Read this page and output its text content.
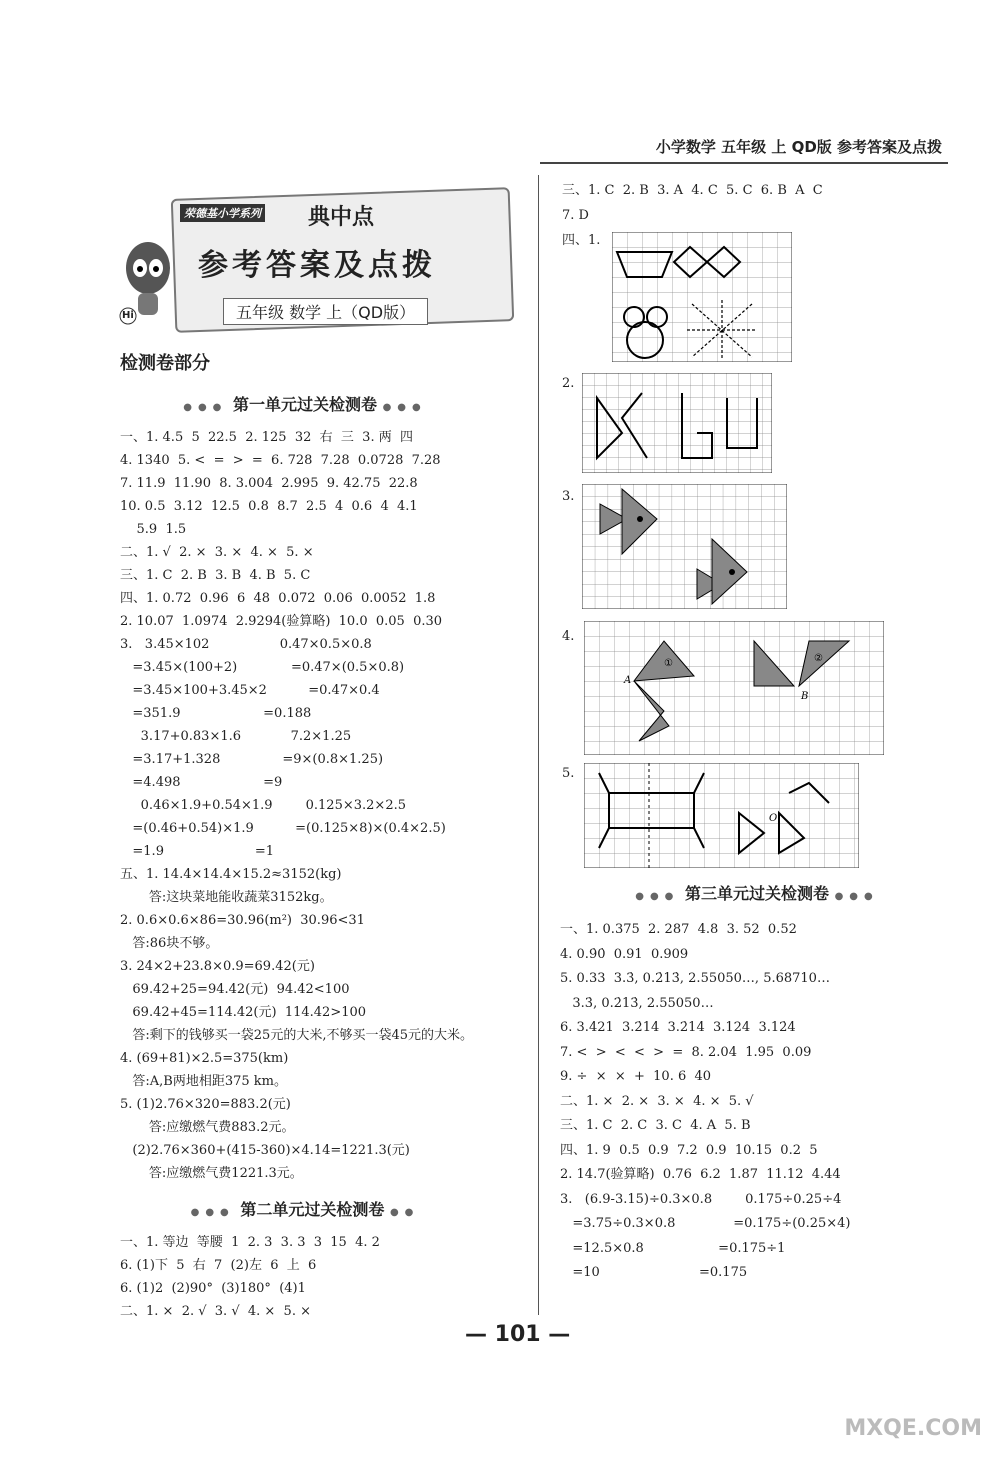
小学数学 五年级 上 QD版 参考答案及点拨
Hi
荣德基小学系列 典中点
参考答案及点拨
五年级 数学 上（QD版）
检测卷部分
●●● 第一单元过关检测卷 ●●●
一、1. 4.5  5  22.5  2. 125  32  右  三  3. 两  四
4. 1340  5. <  =  >  =  6. 728  7.28  0.0728  7.28
7. 11.9  11.90  8. 3.004  2.995  9. 42.75  22.8
10. 0.5  3.12  12.5  0.8  8.7  2.5  4  0.6  4  4.1
5.9  1.5
二、1. √  2. ×  3. ×  4. ×  5. ×
三、1. C  2. B  3. B  4. B  5. C
四、1. 0.72  0.96  6  48  0.072  0.06  0.0052  1.8
2. 10.07  1.0974  2.9294(验算略)  10.0  0.05  0.30
3.   3.45×102                 0.47×0.5×0.8
=3.45×(100+2)             =0.47×(0.5×0.8)
=3.45×100+3.45×2          =0.47×0.4
=351.9                    =0.188
3.17+0.83×1.6            7.2×1.25
=3.17+1.328               =9×(0.8×1.25)
=4.498                    =9
0.46×1.9+0.54×1.9        0.125×3.2×2.5
=(0.46+0.54)×1.9          =(0.125×8)×(0.4×2.5)
=1.9                      =1
五、1. 14.4×14.4×15.2≈3152(kg)
答:这块菜地能收蔬菜3152kg。
2. 0.6×0.6×86=30.96(m²)  30.96<31
答:86块不够。
3. 24×2+23.8×0.9=69.42(元)
69.42+25=94.42(元)  94.42<100
69.42+45=114.42(元)  114.42>100
答:剩下的钱够买一袋25元的大米,不够买一袋45元的大米。
4. (69+81)×2.5=375(km)
答:A,B两地相距375 km。
5. (1)2.76×320=883.2(元)
答:应缴燃气费883.2元。
(2)2.76×360+(415-360)×4.14=1221.3(元)
答:应缴燃气费1221.3元。
●●● 第二单元过关检测卷 ●●
一、1. 等边  等腰  1  2. 3  3. 3  3  15  4. 2
6. (1)下  5  右  7  (2)左  6  上  6
6. (1)2  (2)90°  (3)180°  (4)1
二、1. ×  2. √  3. √  4. ×  5. ×
三、1. C  2. B  3. A  4. C  5. C  6. B  A  C
7. D
四、1.
2.
3.
4.
A
B
①	②
5.
O
●●● 第三单元过关检测卷 ●●●
一、1. 0.375  2. 287  4.8  3. 52  0.52
4. 0.9̇0̇  0.91  0.909
5. 0.33  3.3̇, 0.2̇13̇, 2.55050…, 5.68710…
3.3̇, 0.2̇13̇, 2.55050…
6. 3.421  3.2̇14̇  3.2̇14̇  3.124  3.12̇4̇
7. <  >  <  <  >  =  8. 2.04  1.95  0.09
9. ÷  ×  ×  +  10. 6  40
二、1. ×  2. ×  3. ×  4. ×  5. √
三、1. C  2. C  3. C  4. A  5. B
四、1. 9  0.5  0.9  7.2  0.9  10.15  0.2  5
2. 14.7(验算略)  0.76  6.2  1.87  11.12  4.44
3.   (6.9-3.15)÷0.3×0.8        0.175÷0.25÷4
=3.75÷0.3×0.8              =0.175÷(0.25×4)
=12.5×0.8                  =0.175÷1
=10                        =0.175
— 101 —
MXQE.COM
